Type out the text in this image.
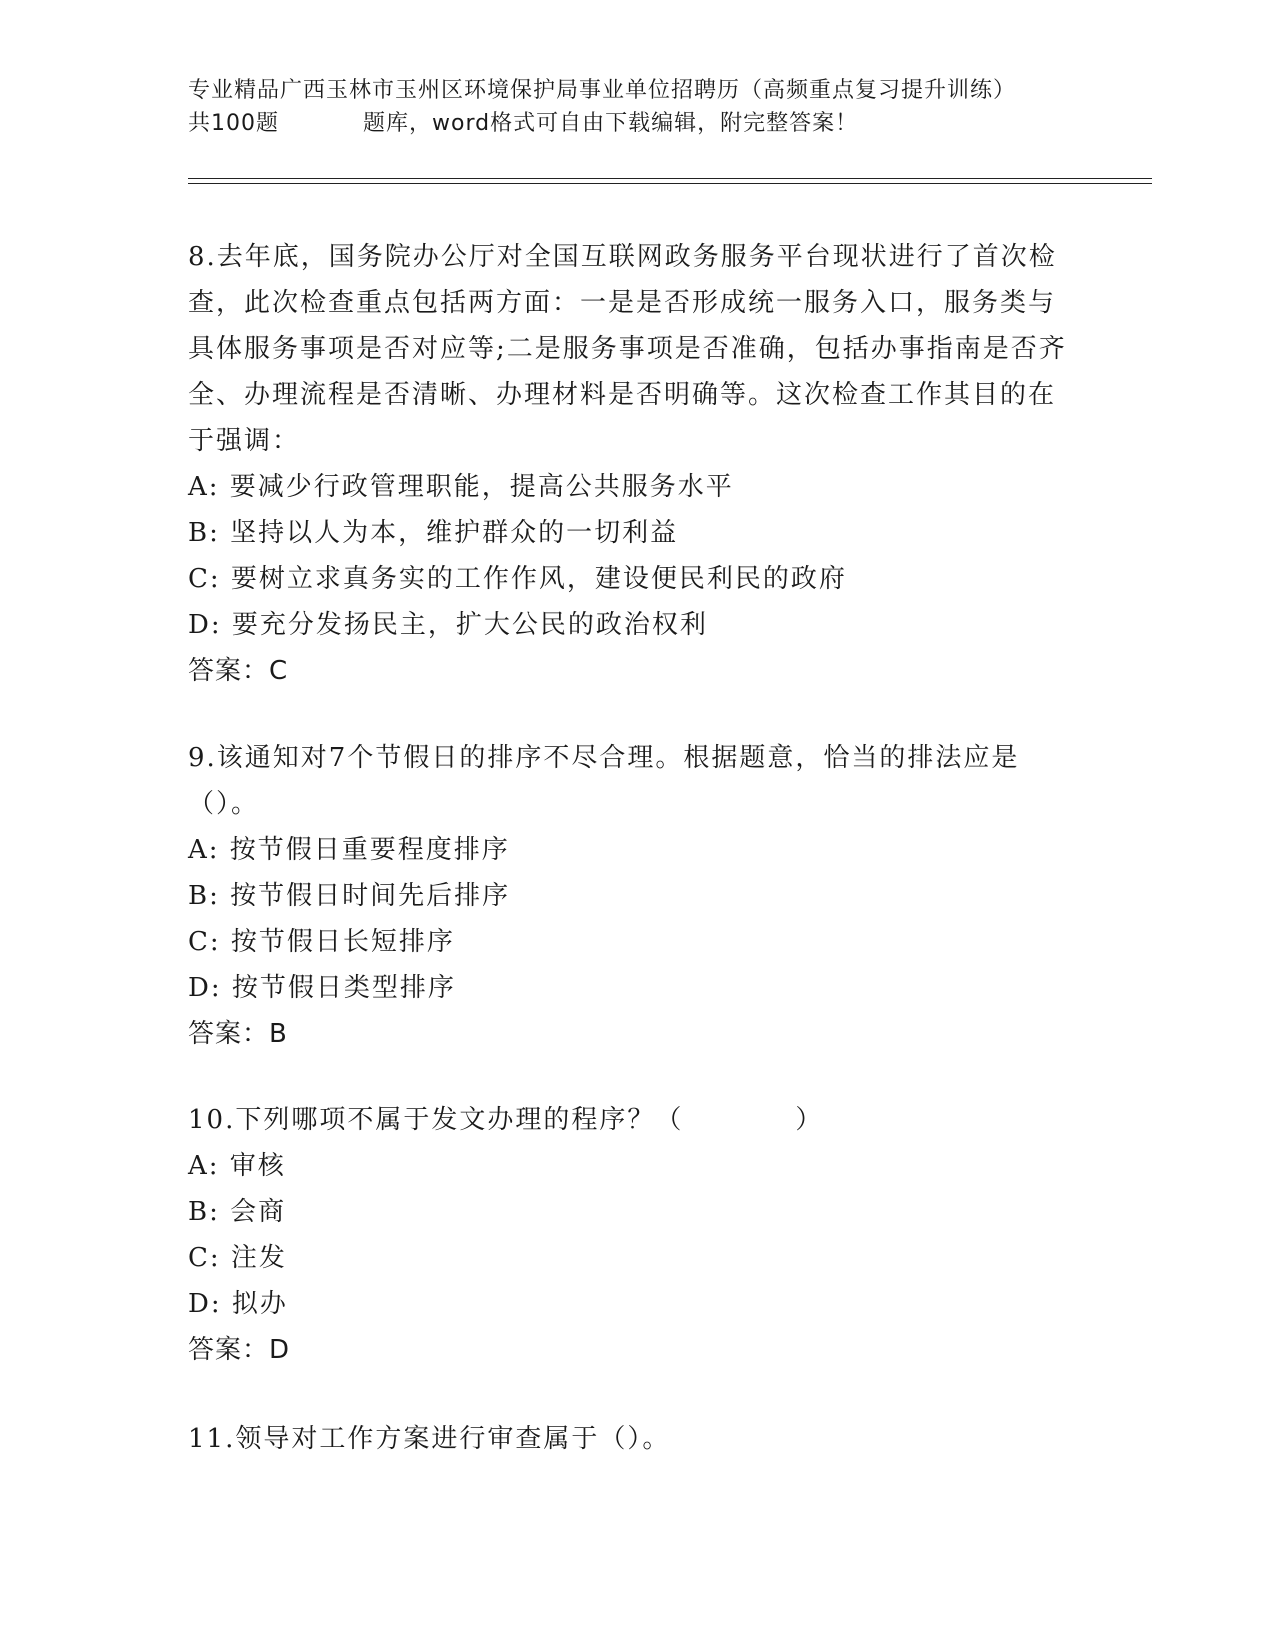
专业精品广西玉林市玉州区环境保护局事业单位招聘历（高频重点复习提升训练）
共100题	题库，word格式可自由下载编辑，附完整答案！

8.去年底，国务院办公厅对全国互联网政务服务平台现状进行了首次检查，此次检查重点包括两方面：一是是否形成统一服务入口，服务类与具体服务事项是否对应等;二是服务事项是否准确，包括办事指南是否齐全、办理流程是否清晰、办理材料是否明确等。这次检查工作其目的在于强调：

A: 要减少行政管理职能，提高公共服务水平

B: 坚持以人为本，维护群众的一切利益

C: 要树立求真务实的工作作风，建设便民利民的政府

D: 要充分发扬民主，扩大公民的政治权利

答案：C

9.该通知对7个节假日的排序不尽合理。根据题意，恰当的排法应是（）。

A: 按节假日重要程度排序

B: 按节假日时间先后排序

C: 按节假日长短排序

D: 按节假日类型排序

答案：B

10.下列哪项不属于发文办理的程序？（　　　　）

A: 审核

B: 会商

C: 注发

D: 拟办

答案：D

11.领导对工作方案进行审查属于（）。
